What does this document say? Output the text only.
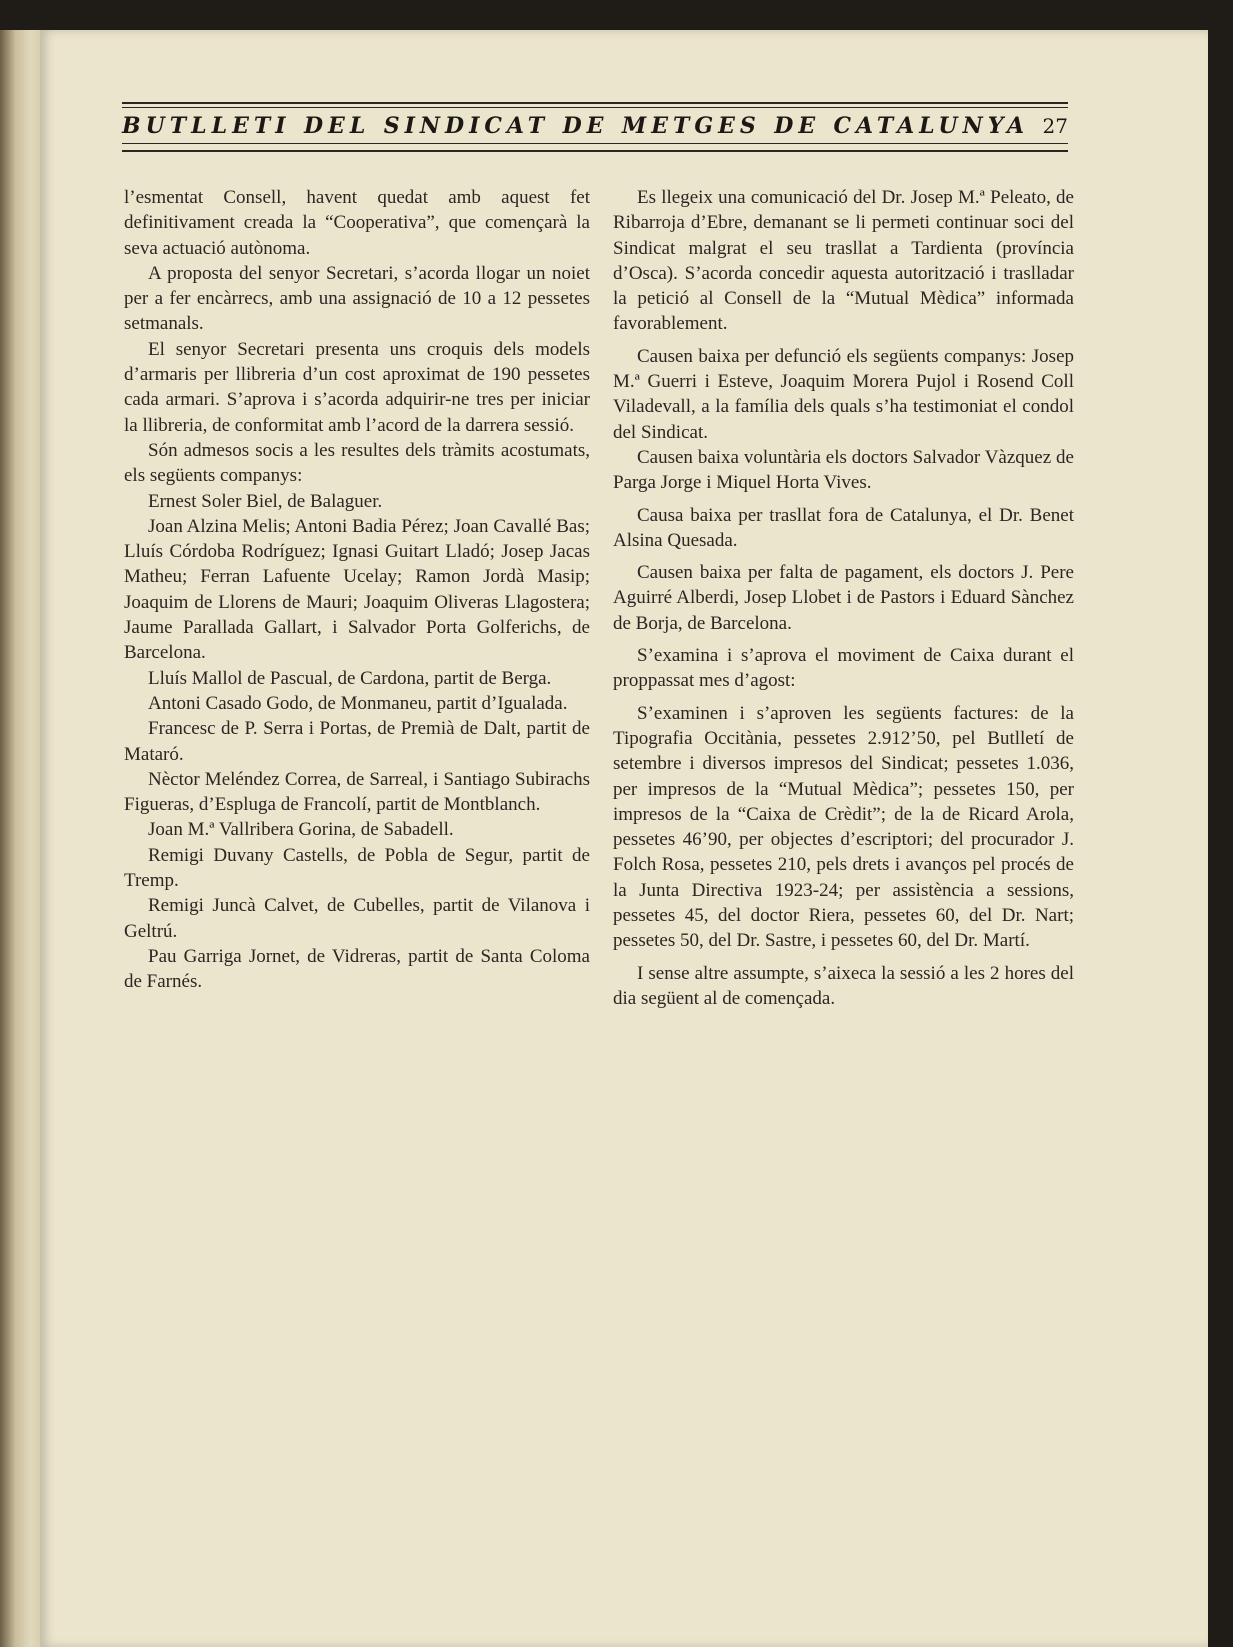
BUTLLETI DEL SINDICAT DE METGES DE CATALUNYA 27

l’esmentat Consell, havent quedat amb aquest fet definitivament creada la “Cooperativa”, que començarà la seva actuació autònoma.

A proposta del senyor Secretari, s’acorda llogar un noiet per a fer encàrrecs, amb una assignació de 10 a 12 pessetes setmanals.

El senyor Secretari presenta uns croquis dels models d’armaris per llibreria d’un cost aproximat de 190 pessetes cada armari. S’aprova i s’acorda adquirir-ne tres per iniciar la llibreria, de conformitat amb l’acord de la darrera sessió.

Són admesos socis a les resultes dels tràmits acostumats, els següents companys:

Ernest Soler Biel, de Balaguer.

Joan Alzina Melis; Antoni Badia Pérez; Joan Cavallé Bas; Lluís Córdoba Rodríguez; Ignasi Guitart Lladó; Josep Jacas Matheu; Ferran Lafuente Ucelay; Ramon Jordà Masip; Joaquim de Llorens de Mauri; Joaquim Oliveras Llagostera; Jaume Parallada Gallart, i Salvador Porta Golferichs, de Barcelona.

Lluís Mallol de Pascual, de Cardona, partit de Berga.

Antoni Casado Godo, de Monmaneu, partit d’Igualada.

Francesc de P. Serra i Portas, de Premià de Dalt, partit de Mataró.

Nèctor Meléndez Correa, de Sarreal, i Santiago Subirachs Figueras, d’Espluga de Francolí, partit de Montblanch.

Joan M.ª Vallribera Gorina, de Sabadell.

Remigi Duvany Castells, de Pobla de Segur, partit de Tremp.

Remigi Juncà Calvet, de Cubelles, partit de Vilanova i Geltrú.

Pau Garriga Jornet, de Vidreras, partit de Santa Coloma de Farnés.

Es llegeix una comunicació del Dr. Josep M.ª Peleato, de Ribarroja d’Ebre, demanant se li permeti continuar soci del Sindicat malgrat el seu trasllat a Tardienta (província d’Osca). S’acorda concedir aquesta autorització i traslladar la petició al Consell de la “Mutual Mèdica” informada favorablement.

Causen baixa per defunció els següents companys: Josep M.ª Guerri i Esteve, Joaquim Morera Pujol i Rosend Coll Viladevall, a la família dels quals s’ha testimoniat el condol del Sindicat.

Causen baixa voluntària els doctors Salvador Vàzquez de Parga Jorge i Miquel Horta Vives.

Causa baixa per trasllat fora de Catalunya, el Dr. Benet Alsina Quesada.

Causen baixa per falta de pagament, els doctors J. Pere Aguirré Alberdi, Josep Llobet i de Pastors i Eduard Sànchez de Borja, de Barcelona.

S’examina i s’aprova el moviment de Caixa durant el proppassat mes d’agost:

S’examinen i s’aproven les següents factures: de la Tipografia Occitània, pessetes 2.912’50, pel Butlletí de setembre i diversos impresos del Sindicat; pessetes 1.036, per impresos de la “Mutual Mèdica”; pessetes 150, per impresos de la “Caixa de Crèdit”; de la de Ricard Arola, pessetes 46’90, per objectes d’escriptori; del procurador J. Folch Rosa, pessetes 210, pels drets i avanços pel procés de la Junta Directiva 1923-24; per assistència a sessions, pessetes 45, del doctor Riera, pessetes 60, del Dr. Nart; pessetes 50, del Dr. Sastre, i pessetes 60, del Dr. Martí.

I sense altre assumpte, s’aixeca la sessió a les 2 hores del dia següent al de començada.
